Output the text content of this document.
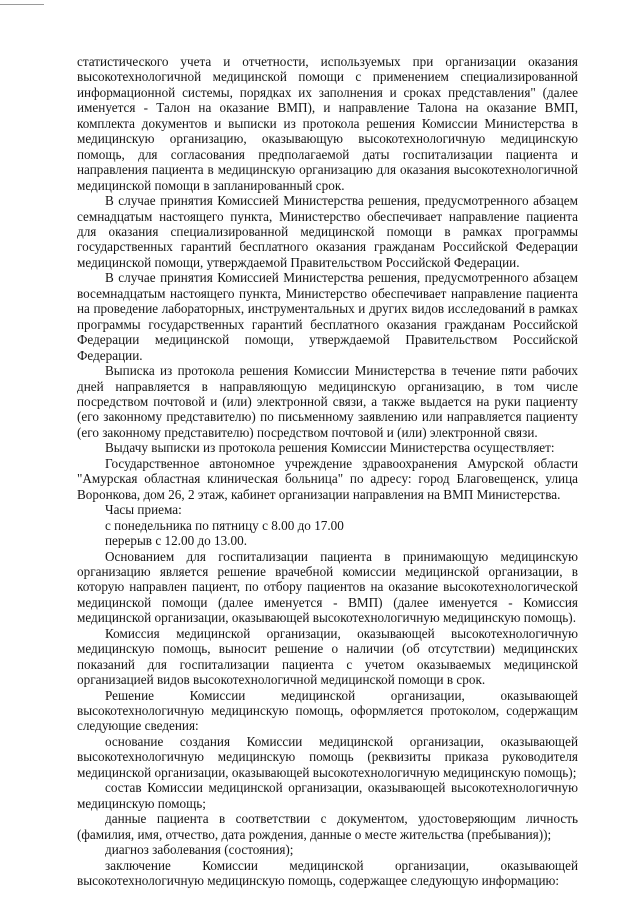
статистического учета и отчетности, используемых при организации оказания высокотехнологичной медицинской помощи с применением специализированной информационной системы, порядках их заполнения и сроках представления" (далее именуется - Талон на оказание ВМП), и направление Талона на оказание ВМП, комплекта документов и выписки из протокола решения Комиссии Министерства в медицинскую организацию, оказывающую высокотехнологичную медицинскую помощь, для согласования предполагаемой даты госпитализации пациента и направления пациента в медицинскую организацию для оказания высокотехнологичной медицинской помощи в запланированный срок.

В случае принятия Комиссией Министерства решения, предусмотренного абзацем семнадцатым настоящего пункта, Министерство обеспечивает направление пациента для оказания специализированной медицинской помощи в рамках программы государственных гарантий бесплатного оказания гражданам Российской Федерации медицинской помощи, утверждаемой Правительством Российской Федерации.

В случае принятия Комиссией Министерства решения, предусмотренного абзацем восемнадцатым настоящего пункта, Министерство обеспечивает направление пациента на проведение лабораторных, инструментальных и других видов исследований в рамках программы государственных гарантий бесплатного оказания гражданам Российской Федерации медицинской помощи, утверждаемой Правительством Российской Федерации.

Выписка из протокола решения Комиссии Министерства в течение пяти рабочих дней направляется в направляющую медицинскую организацию, в том числе посредством почтовой и (или) электронной связи, а также выдается на руки пациенту (его законному представителю) по письменному заявлению или направляется пациенту (его законному представителю) посредством почтовой и (или) электронной связи.

Выдачу выписки из протокола решения Комиссии Министерства осуществляет:

Государственное автономное учреждение здравоохранения Амурской области "Амурская областная клиническая больница" по адресу: город Благовещенск, улица Воронкова, дом 26, 2 этаж, кабинет организации направления на ВМП Министерства.

Часы приема:

с понедельника по пятницу с 8.00 до 17.00

перерыв с 12.00 до 13.00.

Основанием для госпитализации пациента в принимающую медицинскую организацию является решение врачебной комиссии медицинской организации, в которую направлен пациент, по отбору пациентов на оказание высокотехнологической медицинской помощи (далее именуется - ВМП) (далее именуется - Комиссия медицинской организации, оказывающей высокотехнологичную медицинскую помощь).

Комиссия медицинской организации, оказывающей высокотехнологичную медицинскую помощь, выносит решение о наличии (об отсутствии) медицинских показаний для госпитализации пациента с учетом оказываемых медицинской организацией видов высокотехнологичной медицинской помощи в срок.

Решение Комиссии медицинской организации, оказывающей высокотехнологичную медицинскую помощь, оформляется протоколом, содержащим следующие сведения:

основание создания Комиссии медицинской организации, оказывающей высокотехнологичную медицинскую помощь (реквизиты приказа руководителя медицинской организации, оказывающей высокотехнологичную медицинскую помощь);

состав Комиссии медицинской организации, оказывающей высокотехнологичную медицинскую помощь;

данные пациента в соответствии с документом, удостоверяющим личность (фамилия, имя, отчество, дата рождения, данные о месте жительства (пребывания));

диагноз заболевания (состояния);

заключение Комиссии медицинской организации, оказывающей высокотехнологичную медицинскую помощь, содержащее следующую информацию:
